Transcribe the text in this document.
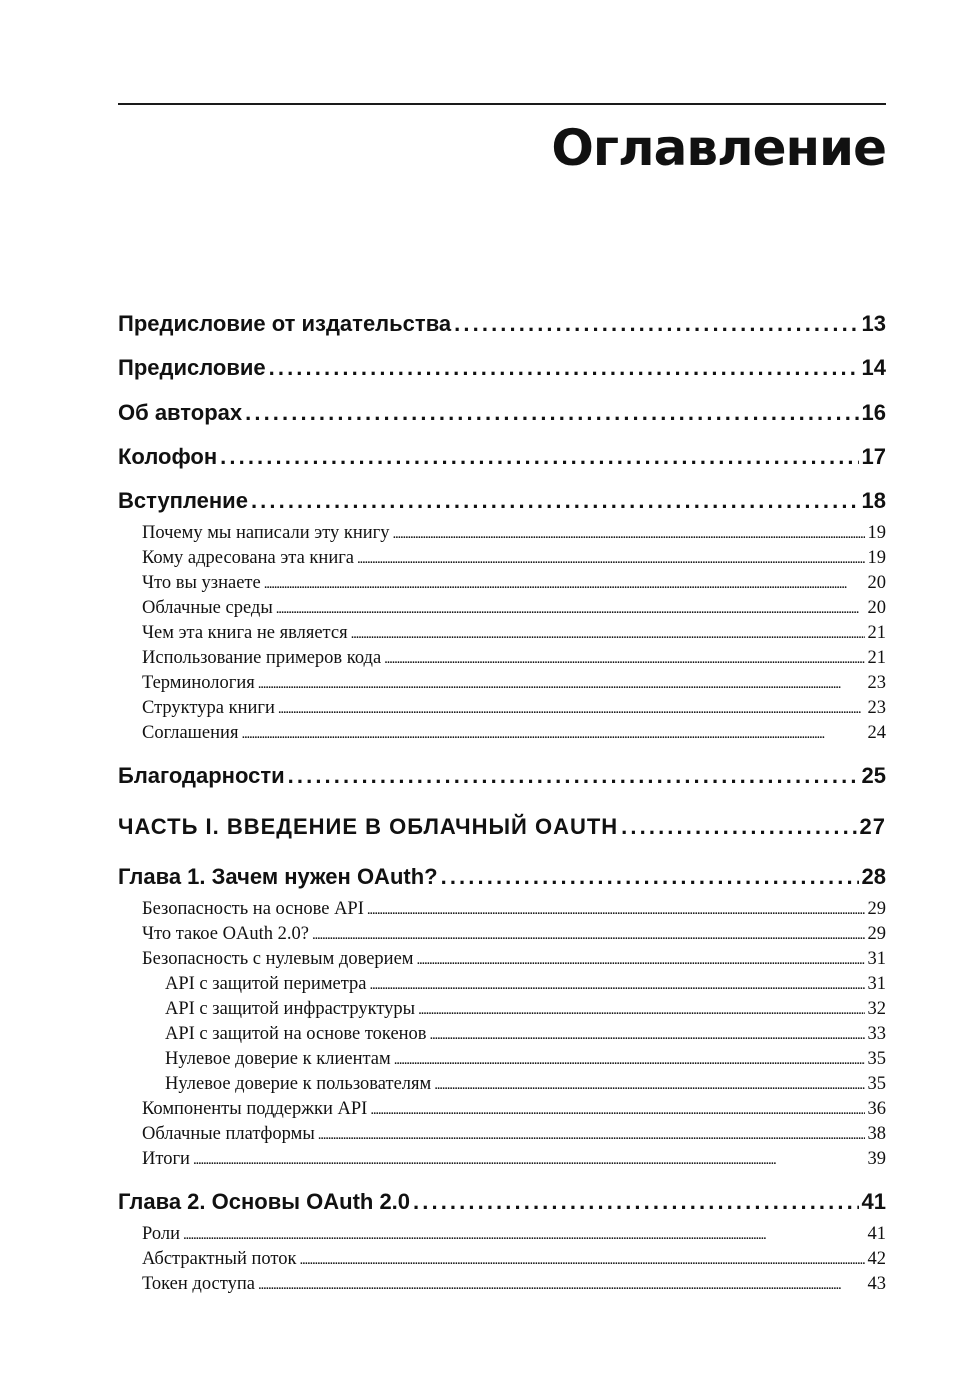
Оглавление
Предисловие от издательства . . .	13
Предисловие . . .	14
Об авторах . . .	16
Колофон . . .	17
Вступление . . .	18
Почему мы написали эту книгу . . .	19
Кому адресована эта книга . . .	19
Что вы узнаете . . .	20
Облачные среды . . .	20
Чем эта книга не является . . .	21
Использование примеров кода . . .	21
Терминология . . .	23
Структура книги . . .	23
Соглашения . . .	24
Благодарности . . .	25
ЧАСТЬ I. ВВЕДЕНИЕ В ОБЛАЧНЫЙ OAUTH . . .	27
Глава 1. Зачем нужен OAuth? . . .	28
Безопасность на основе API . . .	29
Что такое OAuth 2.0? . . .	29
Безопасность с нулевым доверием . . .	31
API с защитой периметра . . .	31
API с защитой инфраструктуры . . .	32
API с защитой на основе токенов . . .	33
Нулевое доверие к клиентам . . .	35
Нулевое доверие к пользователям . . .	35
Компоненты поддержки API . . .	36
Облачные платформы . . .	38
Итоги . . .	39
Глава 2. Основы OAuth 2.0 . . .	41
Роли . . .	41
Абстрактный поток . . .	42
Токен доступа . . .	43
